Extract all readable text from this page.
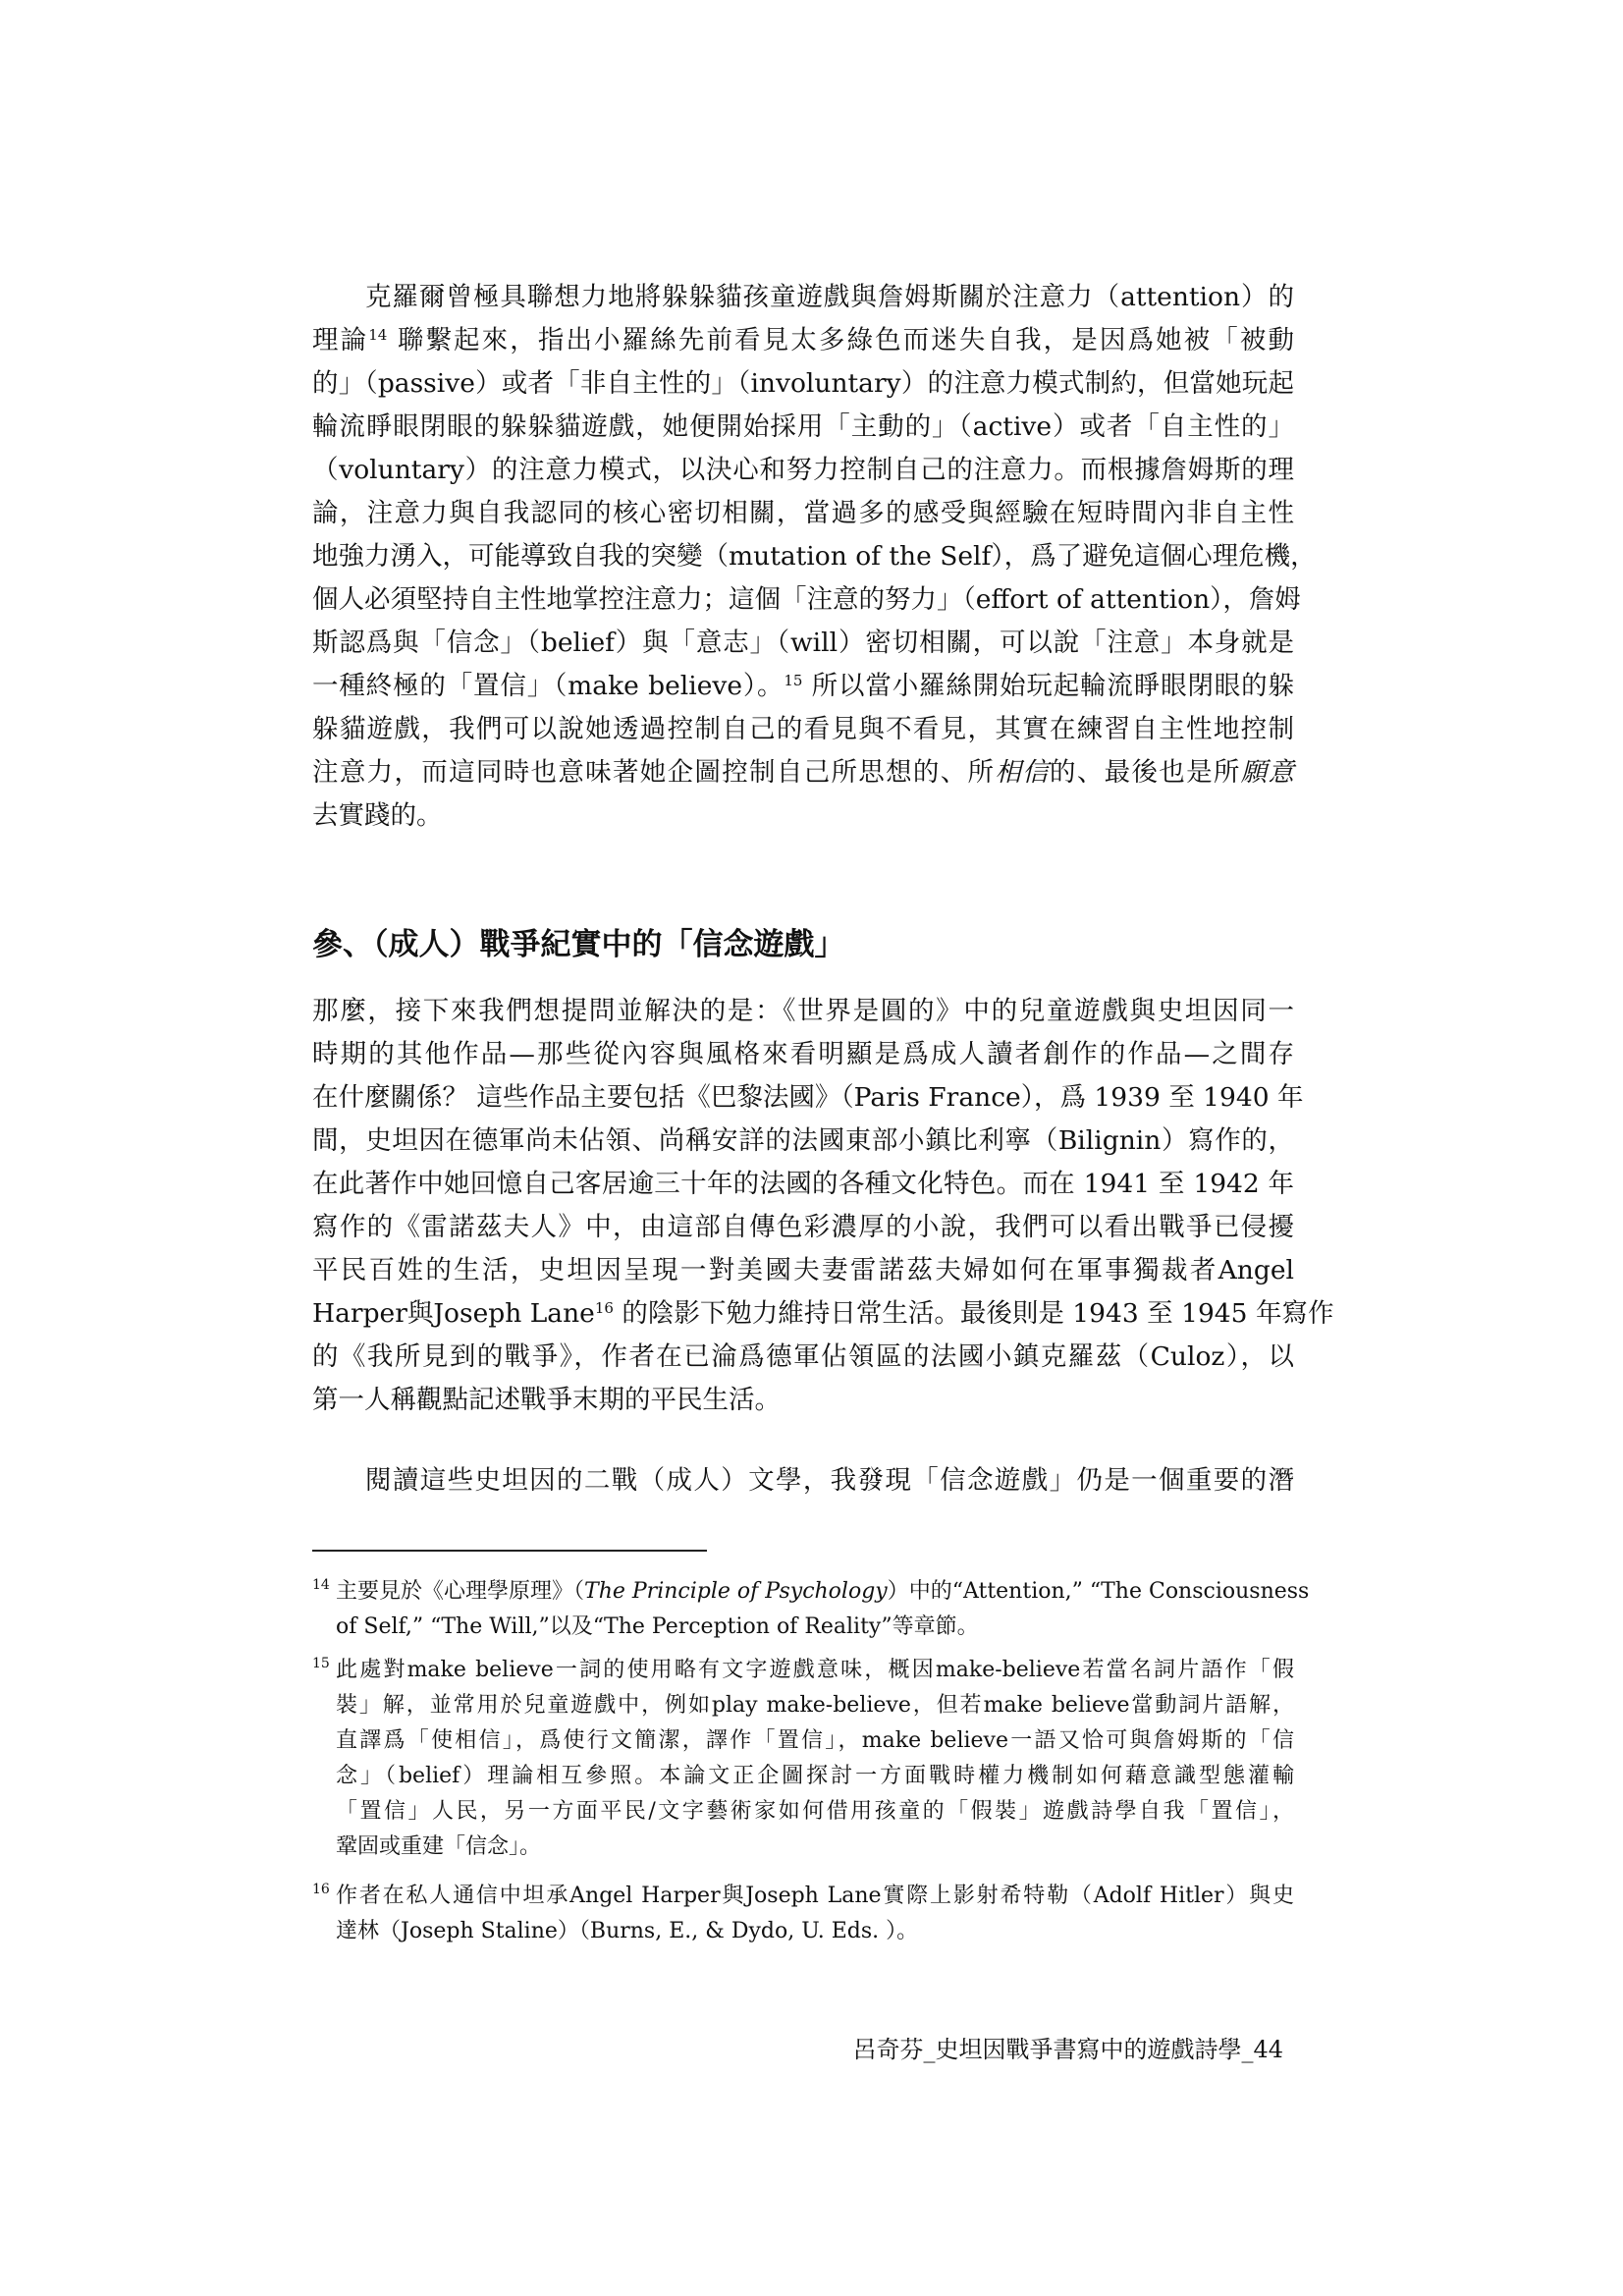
克羅爾曾極具聯想力地將躲躲貓孩童遊戲與詹姆斯關於注意力（attention）的
理論$^{14}$ 聯繫起來，指出小羅絲先前看見太多綠色而迷失自我，是因爲她被「被動
的」（passive）或者「非自主性的」（involuntary）的注意力模式制約，但當她玩起
輪流睜眼閉眼的躲躲貓遊戲，她便開始採用「主動的」（active）或者「自主性的」
（voluntary）的注意力模式，以決心和努力控制自己的注意力。而根據詹姆斯的理
論，注意力與自我認同的核心密切相關，當過多的感受與經驗在短時間內非自主性
地強力湧入，可能導致自我的突變（mutation of the Self），爲了避免這個心理危機，
個人必須堅持自主性地掌控注意力；這個「注意的努力」（effort of attention），詹姆
斯認爲與「信念」（belief）與「意志」（will）密切相關，可以說「注意」本身就是
一種終極的「置信」（make believe）。$^{15}$ 所以當小羅絲開始玩起輪流睜眼閉眼的躲
躲貓遊戲，我們可以說她透過控制自己的看見與不看見，其實在練習自主性地控制
注意力，而這同時也意味著她企圖控制自己所思想的、所相信的、最後也是所願意
去實踐的。
參、（成人）戰爭紀實中的「信念遊戲」
那麼，接下來我們想提問並解決的是：《世界是圓的》中的兒童遊戲與史坦因同一
時期的其他作品—那些從內容與風格來看明顯是爲成人讀者創作的作品—之間存
在什麼關係？ 這些作品主要包括《巴黎法國》（Paris France），爲 1939 至 1940 年
間，史坦因在德軍尚未佔領、尚稱安詳的法國東部小鎮比利寧（Bilignin）寫作的，
在此著作中她回憶自己客居逾三十年的法國的各種文化特色。而在 1941 至 1942 年
寫作的《雷諾茲夫人》中，由這部自傳色彩濃厚的小說，我們可以看出戰爭已侵擾
平民百姓的生活，史坦因呈現一對美國夫妻雷諾茲夫婦如何在軍事獨裁者Angel
Harper與Joseph Lane$^{16}$ 的陰影下勉力維持日常生活。最後則是 1943 至 1945 年寫作
的《我所見到的戰爭》，作者在已淪爲德軍佔領區的法國小鎮克羅茲（Culoz），以
第一人稱觀點記述戰爭末期的平民生活。
閱讀這些史坦因的二戰（成人）文學，我發現「信念遊戲」仍是一個重要的潛
14 主要見於《心理學原理》（The Principle of Psychology）中的“Attention,” “The Consciousness
of Self,” “The Will,”以及“The Perception of Reality”等章節。
15 此處對make believe一詞的使用略有文字遊戲意味，概因make-believe若當名詞片語作「假
裝」解，並常用於兒童遊戲中，例如play make-believe，但若make believe當動詞片語解，
直譯爲「使相信」，爲使行文簡潔，譯作「置信」，make believe一語又恰可與詹姆斯的「信
念」（belief）理論相互參照。本論文正企圖探討一方面戰時權力機制如何藉意識型態灌輸
「置信」人民，另一方面平民/文字藝術家如何借用孩童的「假裝」遊戲詩學自我「置信」，
鞏固或重建「信念」。
16 作者在私人通信中坦承Angel Harper與Joseph Lane實際上影射希特勒（Adolf Hitler）與史
達林（Joseph Staline）（Burns, E., & Dydo, U. Eds. ）。
呂奇芬_史坦因戰爭書寫中的遊戲詩學_44
